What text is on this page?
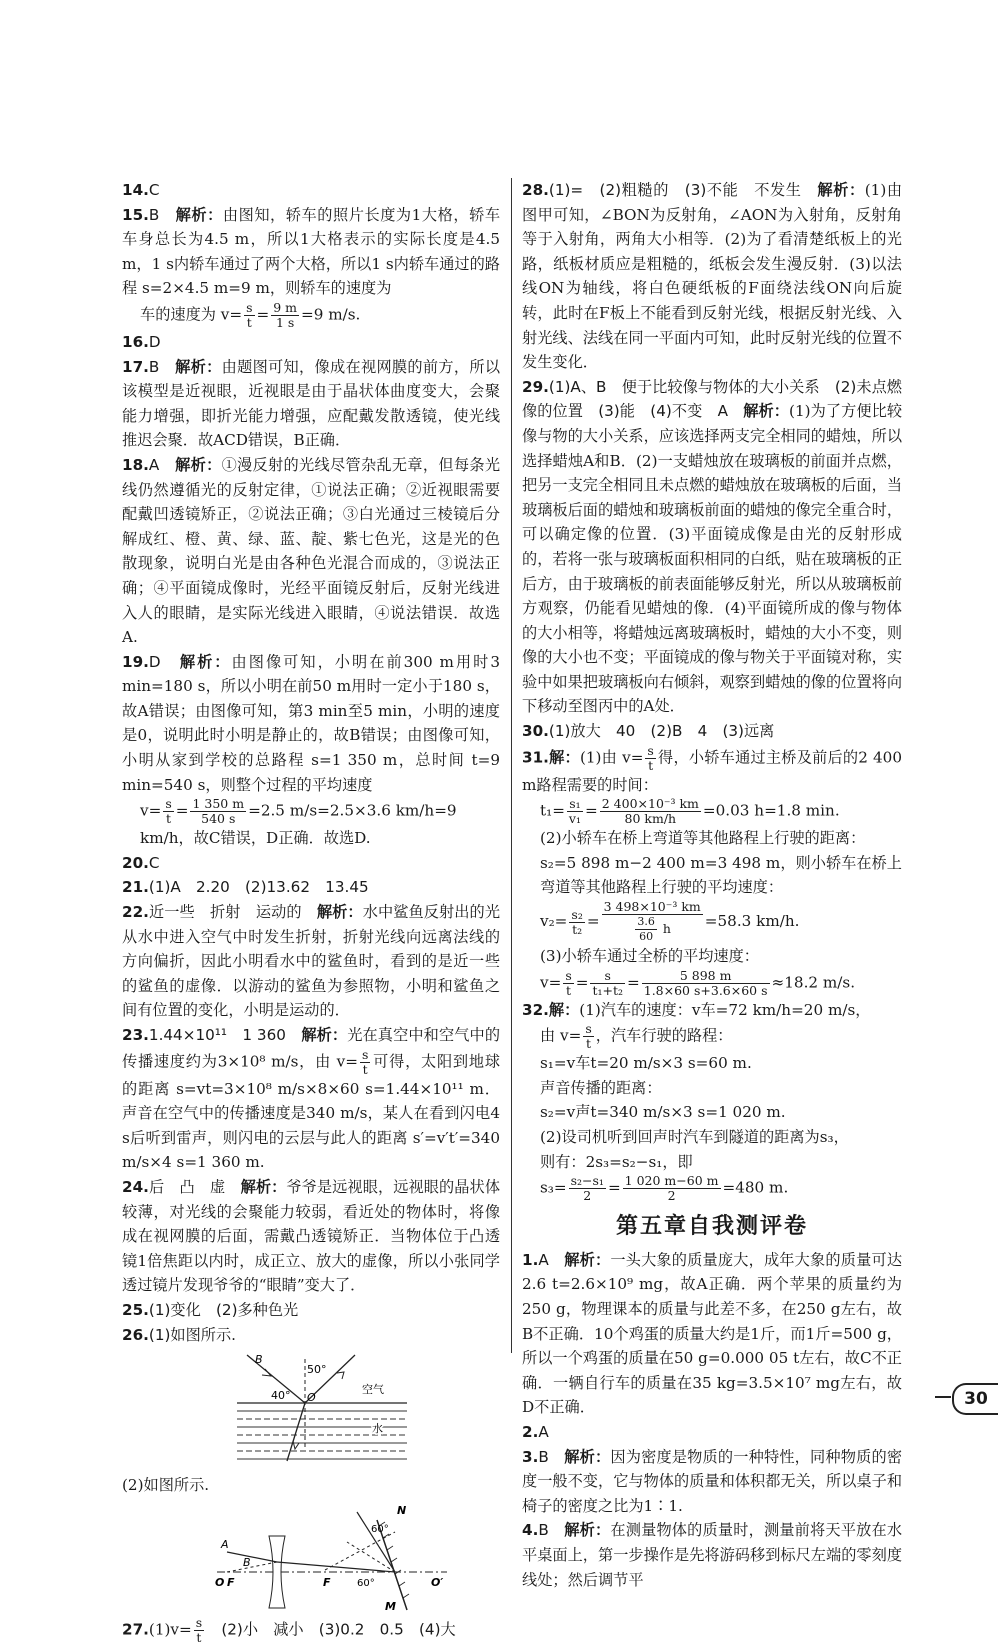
14.C

15.B　 解析：由图知，轿车的照片长度为1大格，轿车车身总长为4.5 m，所以1大格表示的实际长度是4.5 m，1 s内轿车通过了两个大格，所以1 s内轿车通过的路程 s=2×4.5 m=9 m，则轿车的速度为

车的速度为 $v= \frac{s}{t} = \frac{9 m}{1 s} =9$ m/s.

16.D

17.B　 解析：由题图可知，像成在视网膜的前方，所以该模型是近视眼，近视眼是由于晶状体曲度变大，会聚能力增强，即折光能力增强，应配戴发散透镜，使光线推迟会聚．故ACD错误，B正确．

18.A　 解析：①漫反射的光线尽管杂乱无章，但每条光线仍然遵循光的反射定律，①说法正确；②近视眼需要配戴凹透镜矫正，②说法正确；③白光通过三棱镜后分解成红、橙、黄、绿、蓝、靛、紫七色光，这是光的色散现象，说明白光是由各种色光混合而成的，③说法正确；④平面镜成像时，光经平面镜反射后，反射光线进入人的眼睛，是实际光线进入眼睛，④说法错误．故选A.

19.D　 解析：由图像可知，小明在前300 m用时3 min=180 s，所以小明在前50 m用时一定小于180 s，故A错误；由图像可知，第3 min至5 min，小明的速度是0，说明此时小明是静止的，故B错误；由图像可知，小明从家到学校的总路程 s=1 350 m，总时间 t=9 min=540 s，则整个过程的平均速度

$v= \frac{s}{t} = \frac{1 350 m}{540 s} =2.5$ m/s=2.5×3.6 km/h=9 km/h，故C错误，D正确．故选D.

20.C

21.(1)A　2.20　(2)13.62　13.45

22.近一些　折射　运动的　 解析：水中鲨鱼反射出的光从水中进入空气中时发生折射，折射光线向远离法线的方向偏折，因此小明看水中的鲨鱼时，看到的是近一些的鲨鱼的虚像．以游动的鲨鱼为参照物，小明和鲨鱼之间有位置的变化，小明是运动的．

23.1.44×10¹¹　1 360　 解析：光在真空中和空气中的传播速度约为3×10⁸ m/s，由 $v= \frac{s}{t}$ 可得，太阳到地球的距离 s=vt=3×10⁸ m/s×8×60 s=1.44×10¹¹ m．声音在空气中的传播速度是340 m/s，某人在看到闪电4 s后听到雷声，则闪电的云层与此人的距离 s′=v′t′=340 m/s×4 s=1 360 m.

24.后　凸　虚　 解析：爷爷是远视眼，远视眼的晶状体较薄，对光线的会聚能力较弱，看近处的物体时，将像成在视网膜的后面，需戴凸透镜矫正．当物体位于凸透镜1倍焦距以内时，成正立、放大的虚像，所以小张同学透过镜片发现爷爷的“眼睛”变大了．

25.(1)变化　(2)多种色光

26.(1)如图所示.

B
50°
40° O
空气
水

(2)如图所示.

A
B
O F	F
60°
60°
N
M
O′

$27.(1)v= \frac{s}{t}$
　 (2)小　减小　(3)0.2　0.5　(4)大

28.(1)=　(2)粗糙的　(3)不能　不发生　 解析：(1)由图甲可知，∠BON为反射角，∠AON为入射角，反射角等于入射角，两角大小相等．(2)为了看清楚纸板上的光路，纸板材质应是粗糙的，纸板会发生漫反射．(3)以法线ON为轴线，将白色硬纸板的F面绕法线ON向后旋转，此时在F板上不能看到反射光线，根据反射光线、入射光线、法线在同一平面内可知，此时反射光线的位置不发生变化．

29.(1)A、B　便于比较像与物体的大小关系　(2)未点燃　像的位置　(3)能　(4)不变　A　 解析：(1)为了方便比较像与物的大小关系，应该选择两支完全相同的蜡烛，所以选择蜡烛A和B．(2)一支蜡烛放在玻璃板的前面并点燃，把另一支完全相同且未点燃的蜡烛放在玻璃板的后面，当玻璃板后面的蜡烛和玻璃板前面的蜡烛的像完全重合时，可以确定像的位置．(3)平面镜成像是由光的反射形成的，若将一张与玻璃板面积相同的白纸，贴在玻璃板的正后方，由于玻璃板的前表面能够反射光，所以从玻璃板前方观察，仍能看见蜡烛的像．(4)平面镜所成的像与物体的大小相等，将蜡烛远离玻璃板时，蜡烛的大小不变，则像的大小也不变；平面镜成的像与物关于平面镜对称，实验中如果把玻璃板向右倾斜，观察到蜡烛的像的位置将向下移动至图丙中的A处．

30.(1)放大　40　(2)B　4　(3)远离

31.解：(1)由 $v= \frac{s}{t}$ 得，小轿车通过主桥及前后的2 400 m路程需要的时间：

$t_1= \frac{\text{s₁}}{\text{v₁}} = \frac{\text{2 400×10⁻³ km}}{80 km/h} =0.03$ h=1.8 min.

(2)小轿车在桥上弯道等其他路程上行驶的距离：

s₂=5 898 m−2 400 m=3 498 m，则小轿车在桥上弯道等其他路程上行驶的平均速度：

$v_2= \frac{\text{s₂}}{\text{t₂}} = \frac{\text{3 498×10⁻³ km}}{\frac{3.6}{60} h} =58.3$ km/h.

(3)小轿车通过全桥的平均速度：

$v= \frac{s}{t} = \frac{s}{\text{t₁+t₂}} = \frac{5 898 m}{1.8\times 60 s+3.6\times 60 s} \approx 18.2$ m/s.

32.解：(1)汽车的速度：v车=72 km/h=20 m/s，

由 $v= \frac{s}{t}$ ，汽车行驶的路程：

s₁=v车t=20 m/s×3 s=60 m.

声音传播的距离：

s₂=v声t=340 m/s×3 s=1 020 m.

(2)设司机听到回声时汽车到隧道的距离为s₃，

则有：2s₃=s₂−s₁，即

$s_3= \frac{\text{s₂−s₁}}{2} = \frac{1 020 m-60 m}{2} =480$ m.
第五章自我测评卷

1.A　 解析：一头大象的质量庞大，成年大象的质量可达2.6 t=2.6×10⁹ mg，故A正确．两个苹果的质量约为250 g，物理课本的质量与此差不多，在250 g左右，故B不正确．10个鸡蛋的质量大约是1斤，而1斤=500 g，所以一个鸡蛋的质量在50 g=0.000 05 t左右，故C不正确．一辆自行车的质量在35 kg=3.5×10⁷ mg左右，故D不正确．

2.A

3.B　 解析：因为密度是物质的一种特性，同种物质的密度一般不变，它与物体的质量和体积都无关，所以桌子和椅子的密度之比为1∶1.

4.B　 解析：在测量物体的质量时，测量前将天平放在水平桌面上，第一步操作是先将游码移到标尺左端的零刻度线处；然后调节平

30
